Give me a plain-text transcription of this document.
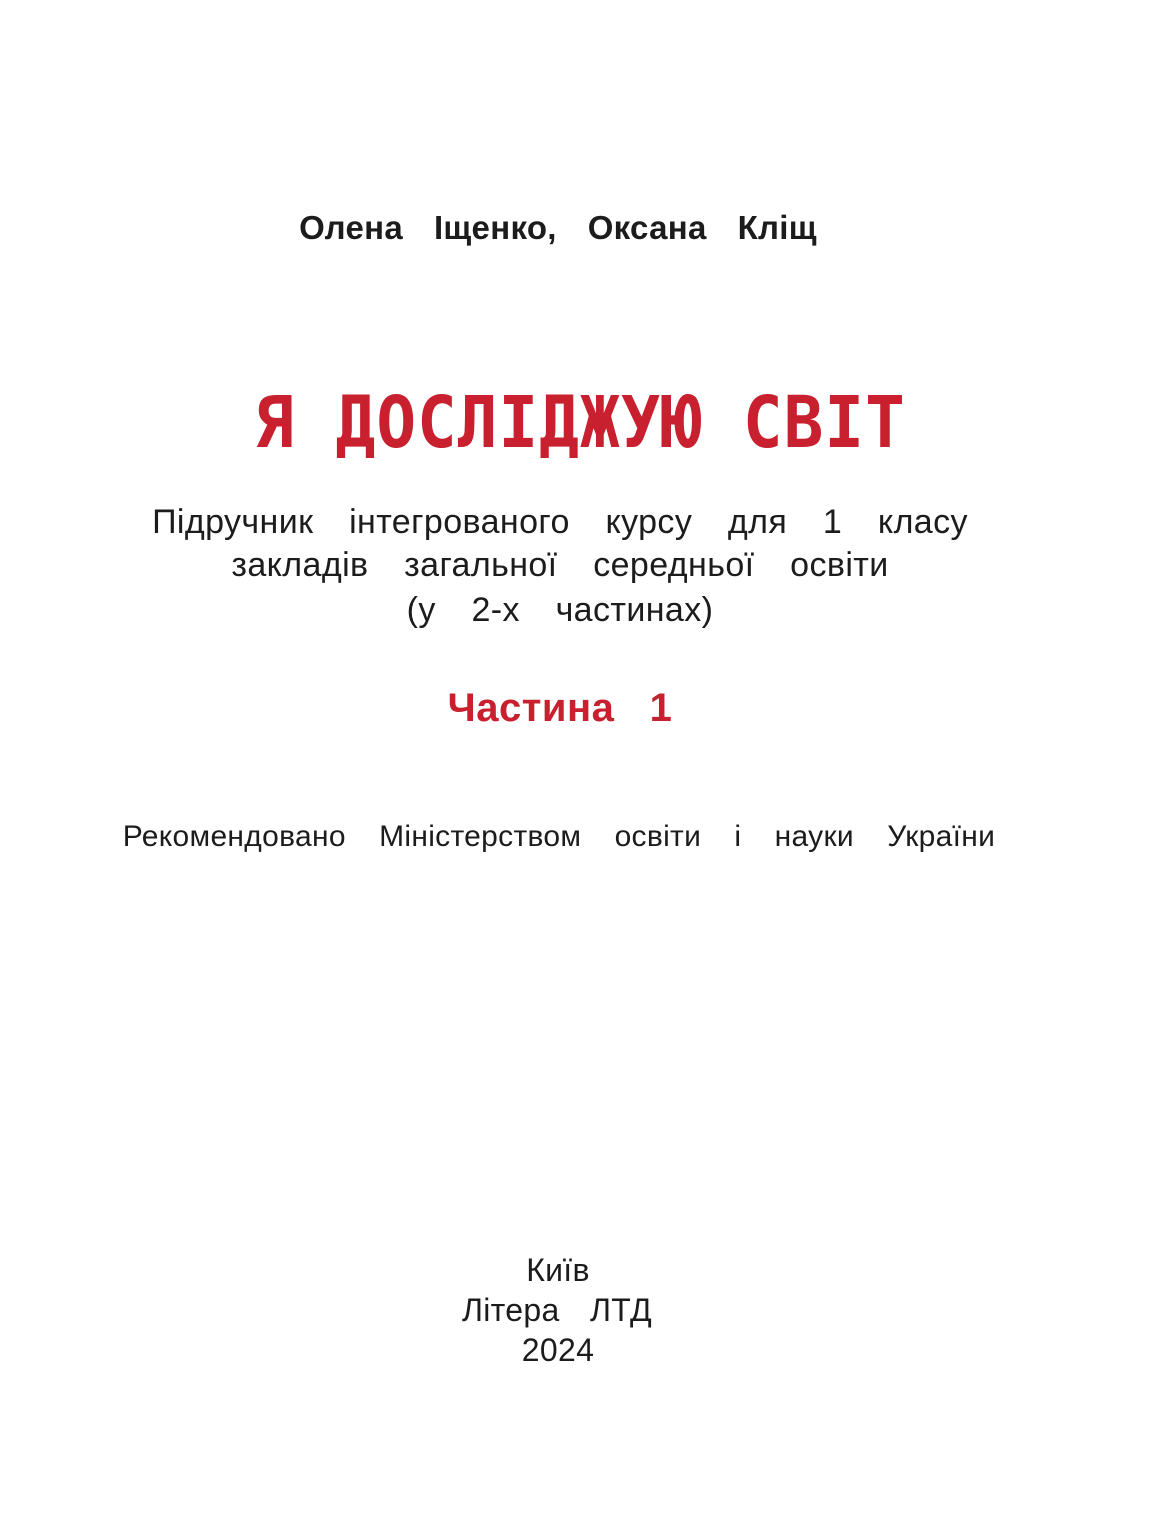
Олена  Іщенко,  Оксана  Кліщ
Я ДОСЛІДЖУЮ СВІТ
Підручник  інтегрованого  курсу  для  1  класу
закладів  загальної  середньої  освіти
(у  2-х  частинах)
Частина  1
Рекомендовано  Міністерством  освіти  і  науки  України
Київ
Літера  ЛТД
2024
